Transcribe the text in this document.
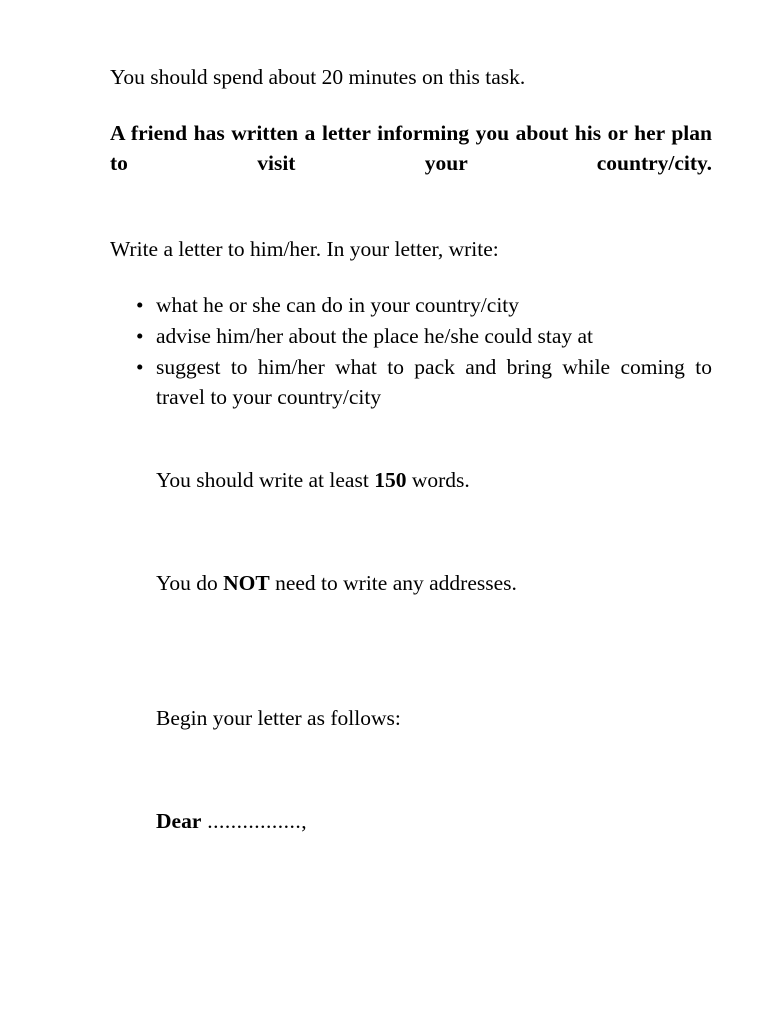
You should spend about 20 minutes on this task.

A friend has written a letter informing you about his or her plan to visit your country/city.

Write a letter to him/her. In your letter, write:

• what he or she can do in your country/city
• advise him/her about the place he/she could stay at
• suggest to him/her what to pack and bring while coming to travel to your country/city

You should write at least 150 words.

You do NOT need to write any addresses.

Begin your letter as follows:

Dear ................,
